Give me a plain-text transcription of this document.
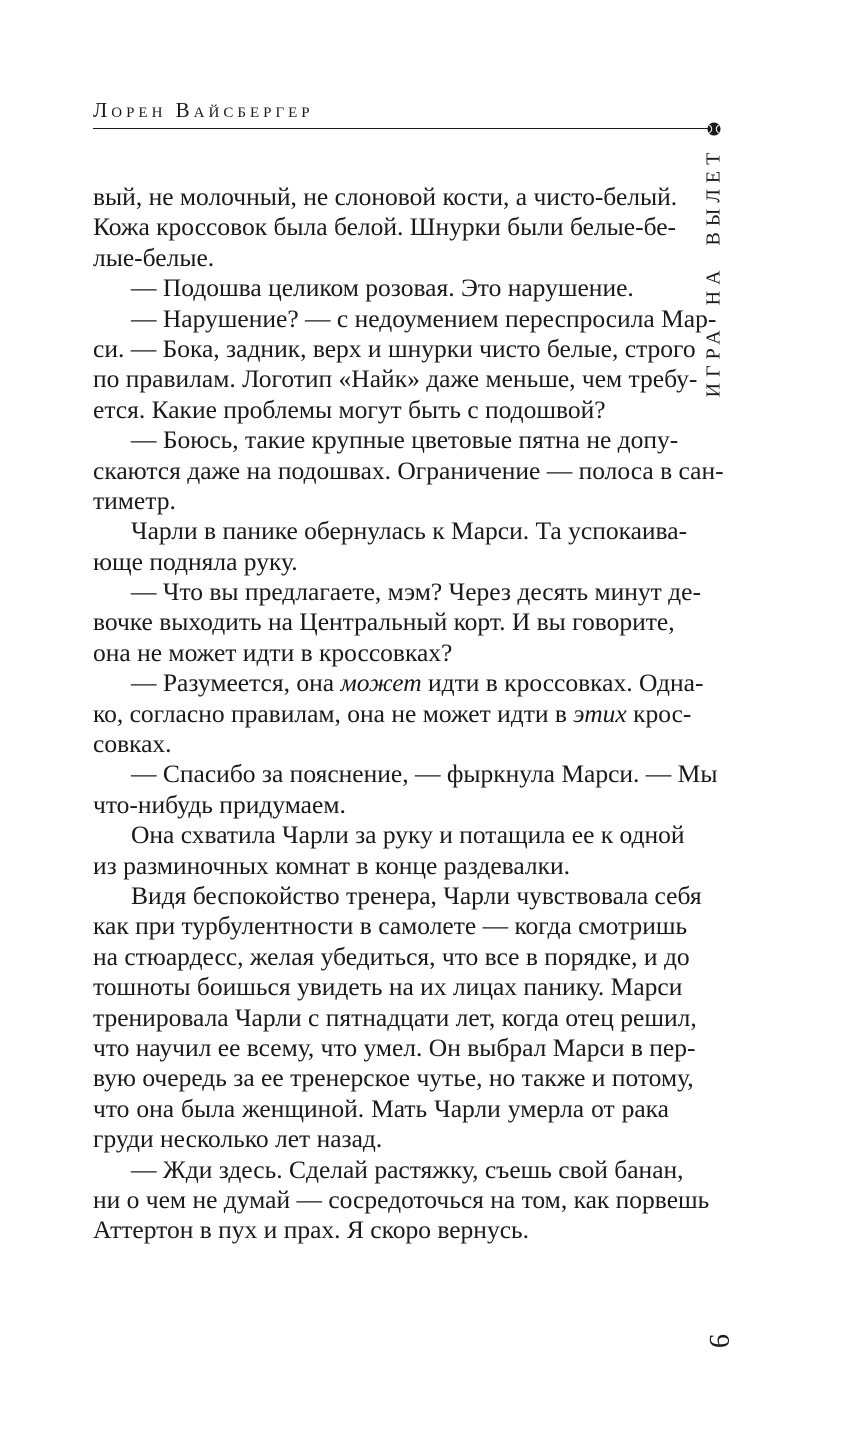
Лорен Вайсбергер
ИГРА НА ВЫЛЕТ
вый, не молочный, не слоновой кости, а чисто-белый.
Кожа кроссовок была белой. Шнурки были белые-бе-
лые-белые.
— Подошва целиком розовая. Это нарушение.
— Нарушение? — с недоумением переспросила Мар-
си. — Бока, задник, верх и шнурки чисто белые, строго
по правилам. Логотип «Найк» даже меньше, чем требу-
ется. Какие проблемы могут быть с подошвой?
— Боюсь, такие крупные цветовые пятна не допу-
скаются даже на подошвах. Ограничение — полоса в сан-
тиметр.
Чарли в панике обернулась к Марси. Та успокаива-
юще подняла руку.
— Что вы предлагаете, мэм? Через десять минут де-
вочке выходить на Центральный корт. И вы говорите,
она не может идти в кроссовках?
— Разумеется, она может идти в кроссовках. Одна-
ко, согласно правилам, она не может идти в этих крос-
совках.
— Спасибо за пояснение, — фыркнула Марси. — Мы
что-нибудь придумаем.
Она схватила Чарли за руку и потащила ее к одной
из разминочных комнат в конце раздевалки.
Видя беспокойство тренера, Чарли чувствовала себя
как при турбулентности в самолете — когда смотришь
на стюардесс, желая убедиться, что все в порядке, и до
тошноты боишься увидеть на их лицах панику. Марси
тренировала Чарли с пятнадцати лет, когда отец решил,
что научил ее всему, что умел. Он выбрал Марси в пер-
вую очередь за ее тренерское чутье, но также и потому,
что она была женщиной. Мать Чарли умерла от рака
груди несколько лет назад.
— Жди здесь. Сделай растяжку, съешь свой банан,
ни о чем не думай — сосредоточься на том, как порвешь
Аттертон в пух и прах. Я скоро вернусь.
9
